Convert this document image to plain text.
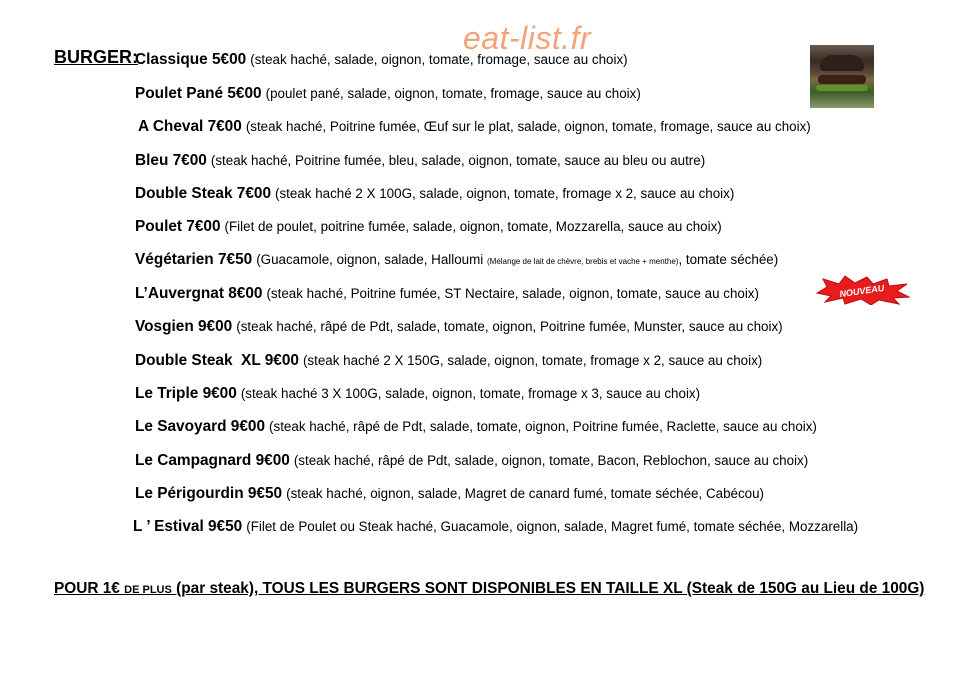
eat-list.fr
BURGER:
Classique 5€00 (steak haché, salade, oignon, tomate, fromage, sauce au choix)
Poulet Pané 5€00 (poulet pané, salade, oignon, tomate, fromage, sauce au choix)
A Cheval 7€00 (steak haché, Poitrine fumée, Œuf sur le plat, salade, oignon, tomate, fromage, sauce au choix)
Bleu 7€00 (steak haché, Poitrine fumée, bleu, salade, oignon, tomate, sauce au bleu ou autre)
Double Steak 7€00 (steak haché 2 X 100G, salade, oignon, tomate, fromage x 2, sauce au choix)
Poulet 7€00 (Filet de poulet, poitrine fumée, salade, oignon, tomate, Mozzarella, sauce au choix)
Végétarien 7€50 (Guacamole, oignon, salade, Halloumi (Mélange de lait de chèvre, brebis et vache + menthe), tomate séchée)
L’Auvergnat 8€00 (steak haché, Poitrine fumée, ST Nectaire, salade, oignon, tomate, sauce au choix)	NOUVEAU
Vosgien 9€00 (steak haché, râpé de Pdt, salade, tomate, oignon, Poitrine fumée, Munster, sauce au choix)
Double Steak  XL 9€00 (steak haché 2 X 150G, salade, oignon, tomate, fromage x 2, sauce au choix)
Le Triple 9€00 (steak haché 3 X 100G, salade, oignon, tomate, fromage x 3, sauce au choix)
Le Savoyard 9€00 (steak haché, râpé de Pdt, salade, tomate, oignon, Poitrine fumée, Raclette, sauce au choix)
Le Campagnard 9€00 (steak haché, râpé de Pdt, salade, oignon, tomate, Bacon, Reblochon, sauce au choix)
Le Périgourdin 9€50 (steak haché, oignon, salade, Magret de canard fumé, tomate séchée, Cabécou)
L ’ Estival 9€50 (Filet de Poulet ou Steak haché, Guacamole, oignon, salade, Magret fumé, tomate séchée, Mozzarella)
POUR 1€ DE PLUS (par steak), TOUS LES BURGERS SONT DISPONIBLES EN TAILLE XL (Steak de 150G au Lieu de 100G)
